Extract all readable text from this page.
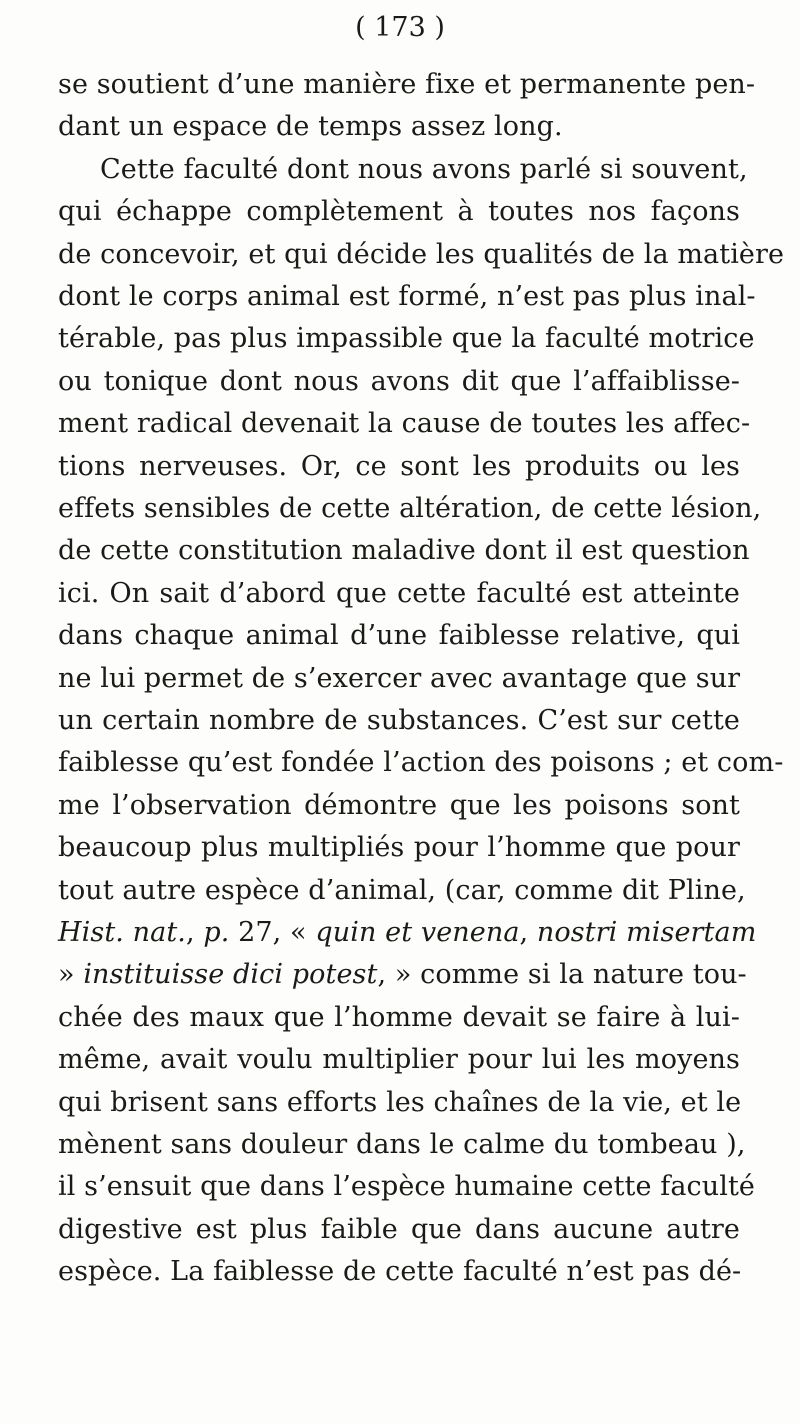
( 173 )

se soutient d’une manière fixe et permanente pen-
dant un espace de temps assez long.
Cette faculté dont nous avons parlé si souvent,
qui échappe complètement à toutes nos façons
de concevoir, et qui décide les qualités de la matière
dont le corps animal est formé, n’est pas plus inal-
térable, pas plus impassible que la faculté motrice
ou tonique dont nous avons dit que l’affaiblisse-
ment radical devenait la cause de toutes les affec-
tions nerveuses. Or, ce sont les produits ou les
effets sensibles de cette altération, de cette lésion,
de cette constitution maladive dont il est question
ici. On sait d’abord que cette faculté est atteinte
dans chaque animal d’une faiblesse relative, qui
ne lui permet de s’exercer avec avantage que sur
un certain nombre de substances. C’est sur cette
faiblesse qu’est fondée l’action des poisons ; et com-
me l’observation démontre que les poisons sont
beaucoup plus multipliés pour l’homme que pour
tout autre espèce d’animal, (car, comme dit Pline,
Hist. nat., p. 27, « quin et venena, nostri misertam
» instituisse dici potest, » comme si la nature tou-
chée des maux que l’homme devait se faire à lui-
même, avait voulu multiplier pour lui les moyens
qui brisent sans efforts les chaînes de la vie, et le
mènent sans douleur dans le calme du tombeau ),
il s’ensuit que dans l’espèce humaine cette faculté
digestive est plus faible que dans aucune autre
espèce. La faiblesse de cette faculté n’est pas dé-
